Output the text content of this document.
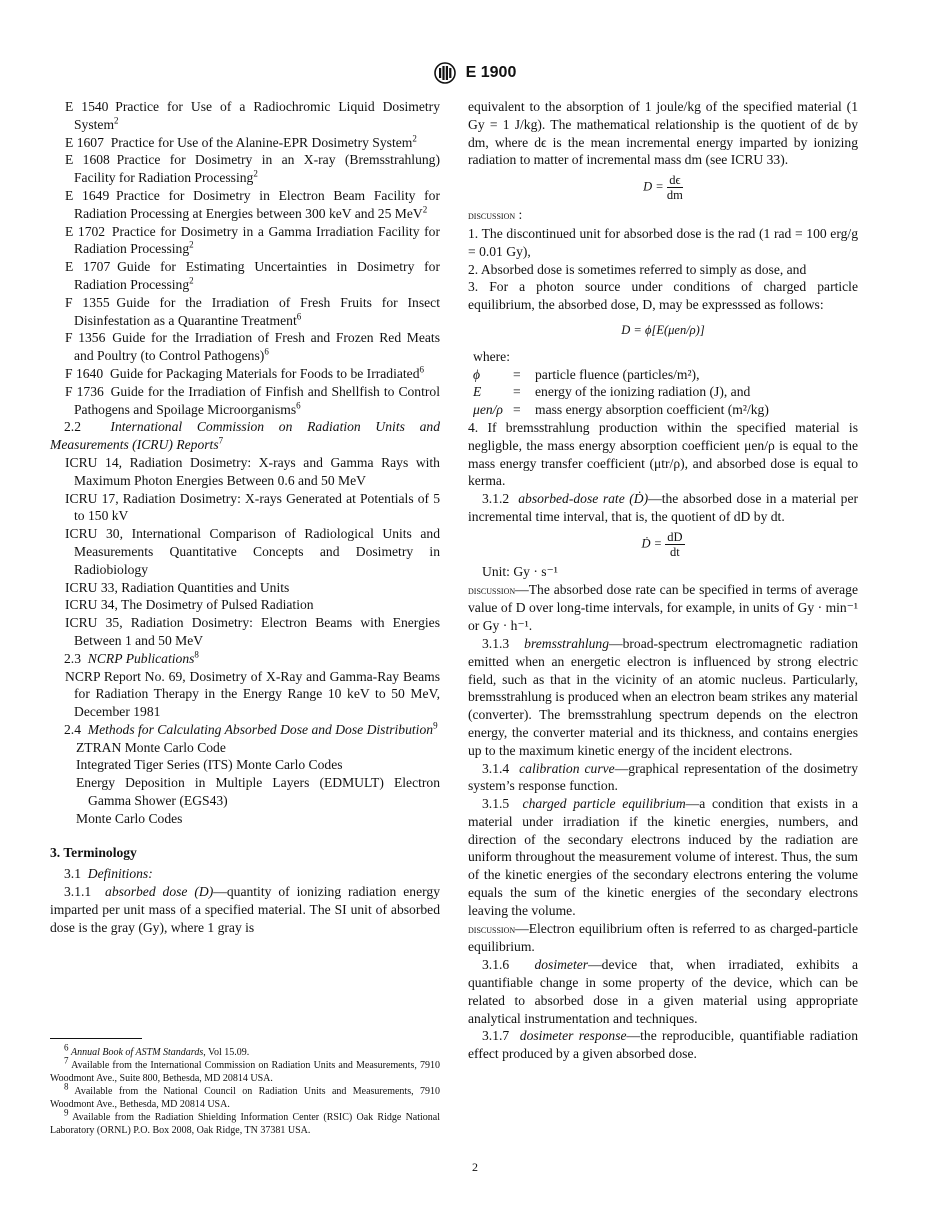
E 1900
E 1540  Practice for Use of a Radiochromic Liquid Dosimetry System$^2$
E 1607  Practice for Use of the Alanine-EPR Dosimetry System$^2$
E 1608  Practice for Dosimetry in an X-ray (Bremsstrahlung) Facility for Radiation Processing$^2$
E 1649  Practice for Dosimetry in Electron Beam Facility for Radiation Processing at Energies between 300 keV and 25 MeV$^2$
E 1702  Practice for Dosimetry in a Gamma Irradiation Facility for Radiation Processing$^2$
E 1707  Guide for Estimating Uncertainties in Dosimetry for Radiation Processing$^2$
F 1355  Guide for the Irradiation of Fresh Fruits for Insect Disinfestation as a Quarantine Treatment$^6$
F 1356  Guide for the Irradiation of Fresh and Frozen Red Meats and Poultry (to Control Pathogens)$^6$
F 1640  Guide for Packaging Materials for Foods to be Irradiated$^6$
F 1736  Guide for the Irradiation of Finfish and Shellfish to Control Pathogens and Spoilage Microorganisms$^6$
2.2 International Commission on Radiation Units and Measurements (ICRU) Reports$^7$
ICRU 14, Radiation Dosimetry: X-rays and Gamma Rays with Maximum Photon Energies Between 0.6 and 50 MeV
ICRU 17, Radiation Dosimetry: X-rays Generated at Potentials of 5 to 150 kV
ICRU 30, International Comparison of Radiological Units and Measurements Quantitative Concepts and Dosimetry in Radiobiology
ICRU 33, Radiation Quantities and Units
ICRU 34, The Dosimetry of Pulsed Radiation
ICRU 35, Radiation Dosimetry: Electron Beams with Energies Between 1 and 50 MeV
2.3 NCRP Publications$^8$
NCRP Report No. 69, Dosimetry of X-Ray and Gamma-Ray Beams for Radiation Therapy in the Energy Range 10 keV to 50 MeV, December 1981
2.4 Methods for Calculating Absorbed Dose and Dose Distribution$^9$
ZTRAN Monte Carlo Code
Integrated Tiger Series (ITS) Monte Carlo Codes
Energy Deposition in Multiple Layers (EDMULT) Electron Gamma Shower (EGS43)
Monte Carlo Codes
3. Terminology
3.1 Definitions:
3.1.1 absorbed dose (D)—quantity of ionizing radiation energy imparted per unit mass of a specified material. The SI unit of absorbed dose is the gray (Gy), where 1 gray is
equivalent to the absorption of 1 joule/kg of the specified material (1 Gy = 1 J/kg). The mathematical relationship is the quotient of dϵ by dm, where dϵ is the mean incremental energy imparted by ionizing radiation to matter of incremental mass dm (see ICRU 33).
$D = \frac{d\epsilon}{dm}$
discussion :
1. The discontinued unit for absorbed dose is the rad (1 rad = 100 erg/g = 0.01 Gy),
2. Absorbed dose is sometimes referred to simply as dose, and
3. For a photon source under conditions of charged particle equilibrium, the absorbed dose, D, may be expresssed as follows:
D = ϕ[E(μen/ρ)]
where:
ϕ	=	particle fluence (particles/m²),
E	=	energy of the ionizing radiation (J), and
μen/ρ =	mass energy absorption coefficient (m²/kg)
4. If bremsstrahlung production within the specified material is negligble, the mass energy absorption coefficient μen/ρ is equal to the mass energy transfer coefficient (μtr/ρ), and absorbed dose is equal to kerma.
3.1.2 absorbed-dose rate (Ḋ)—the absorbed dose in a material per incremental time interval, that is, the quotient of dD by dt.
Ḋ = $\frac{dD}{dt}$
Unit: Gy · s⁻¹
discussion—The absorbed dose rate can be specified in terms of average value of D over long-time intervals, for example, in units of Gy · min⁻¹ or Gy · h⁻¹.
3.1.3 bremsstrahlung—broad-spectrum electromagnetic radiation emitted when an energetic electron is influenced by strong electric field, such as that in the vicinity of an atomic nucleus. Particularly, bremsstrahlung is produced when an electron beam strikes any material (converter). The bremsstrahlung spectrum depends on the electron energy, the converter material and its thickness, and contains energies up to the maximum kinetic energy of the incident electrons.
3.1.4 calibration curve—graphical representation of the dosimetry system’s response function.
3.1.5 charged particle equilibrium—a condition that exists in a material under irradiation if the kinetic energies, numbers, and direction of the secondary electrons induced by the radiation are uniform throughout the measurement volume of interest. Thus, the sum of the kinetic energies of the secondary electrons entering the volume equals the sum of the kinetic energies of the secondary electrons leaving the volume.
discussion—Electron equilibrium often is referred to as charged-particle equilibrium.
3.1.6 dosimeter—device that, when irradiated, exhibits a quantifiable change in some property of the device, which can be related to absorbed dose in a given material using appropriate analytical instrumentation and techniques.
3.1.7 dosimeter response—the reproducible, quantifiable radiation effect produced by a given absorbed dose.
$^6$ Annual Book of ASTM Standards, Vol 15.09.
$^7$ Available from the International Commission on Radiation Units and Measurements, 7910 Woodmont Ave., Suite 800, Bethesda, MD 20814 USA.
$^8$ Available from the National Council on Radiation Units and Measurements, 7910 Woodmont Ave., Bethesda, MD 20814 USA.
$^9$ Available from the Radiation Shielding Information Center (RSIC) Oak Ridge National Laboratory (ORNL) P.O. Box 2008, Oak Ridge, TN 37381 USA.
2
